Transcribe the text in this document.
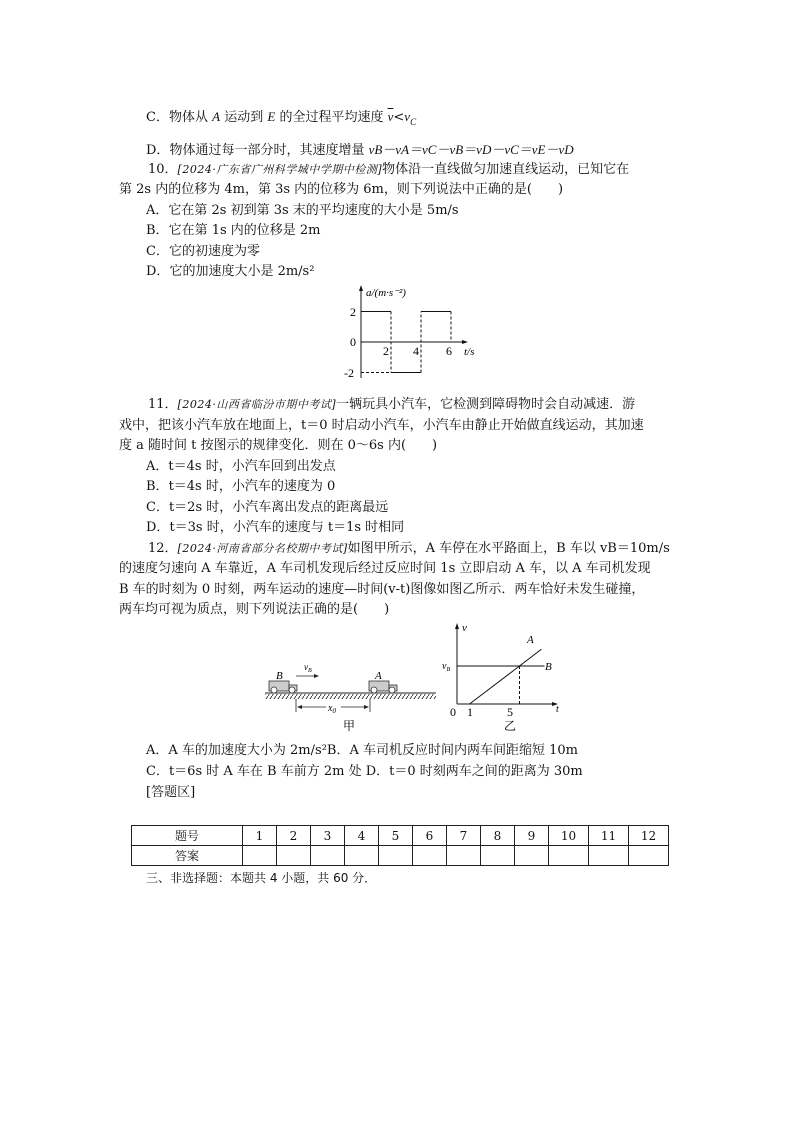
C．物体从 A 运动到 E 的全过程平均速度 $\overline{v}<v_C$
D．物体通过每一部分时，其速度增量 vB－vA＝vC－vB＝vD－vC＝vE－vD
10．[2024·广东省广州科学城中学期中检测]物体沿一直线做匀加速直线运动，已知它在
第 2s 内的位移为 4m，第 3s 内的位移为 6m，则下列说法中正确的是(　　)
A．它在第 2s 初到第 3s 末的平均速度的大小是 5m/s
B．它在第 1s 内的位移是 2m
C．它的初速度为零
D．它的加速度大小是 2m/s²
a/(m·s⁻²)
t/s
2
0
-2
2 4 6
11．[2024·山西省临汾市期中考试]一辆玩具小汽车，它检测到障碍物时会自动减速．游
戏中，把该小汽车放在地面上，t＝0 时启动小汽车，小汽车由静止开始做直线运动，其加速
度 a 随时间 t 按图示的规律变化．则在 0～6s 内(　　)
A．t＝4s 时，小汽车回到出发点
B．t＝4s 时，小汽车的速度为 0
C．t＝2s 时，小汽车离出发点的距离最远
D．t＝3s 时，小汽车的速度与 t＝1s 时相同
12．[2024·河南省部分名校期中考试]如图甲所示，A 车停在水平路面上，B 车以 vB＝10m/s
的速度匀速向 A 车靠近，A 车司机发现后经过反应时间 1s 立即启动 A 车，以 A 车司机发现
B 车的时刻为 0 时刻，两车运动的速度—时间(v-t)图像如图乙所示．两车恰好未发生碰撞，
两车均可视为质点，则下列说法正确的是(　　)
B	A
$v_B$
$x_0$
甲
v
t
$v_B$
0 1	5
A
B
乙
A．A 车的加速度大小为 2m/s²B．A 车司机反应时间内两车间距缩短 10m
C．t＝6s 时 A 车在 B 车前方 2m 处 D．t＝0 时刻两车之间的距离为 30m
[答题区]
题号	1	2	3	4	5	6	7	8	9	10	11	12
答案												
三、非选择题：本题共 4 小题，共 60 分．
